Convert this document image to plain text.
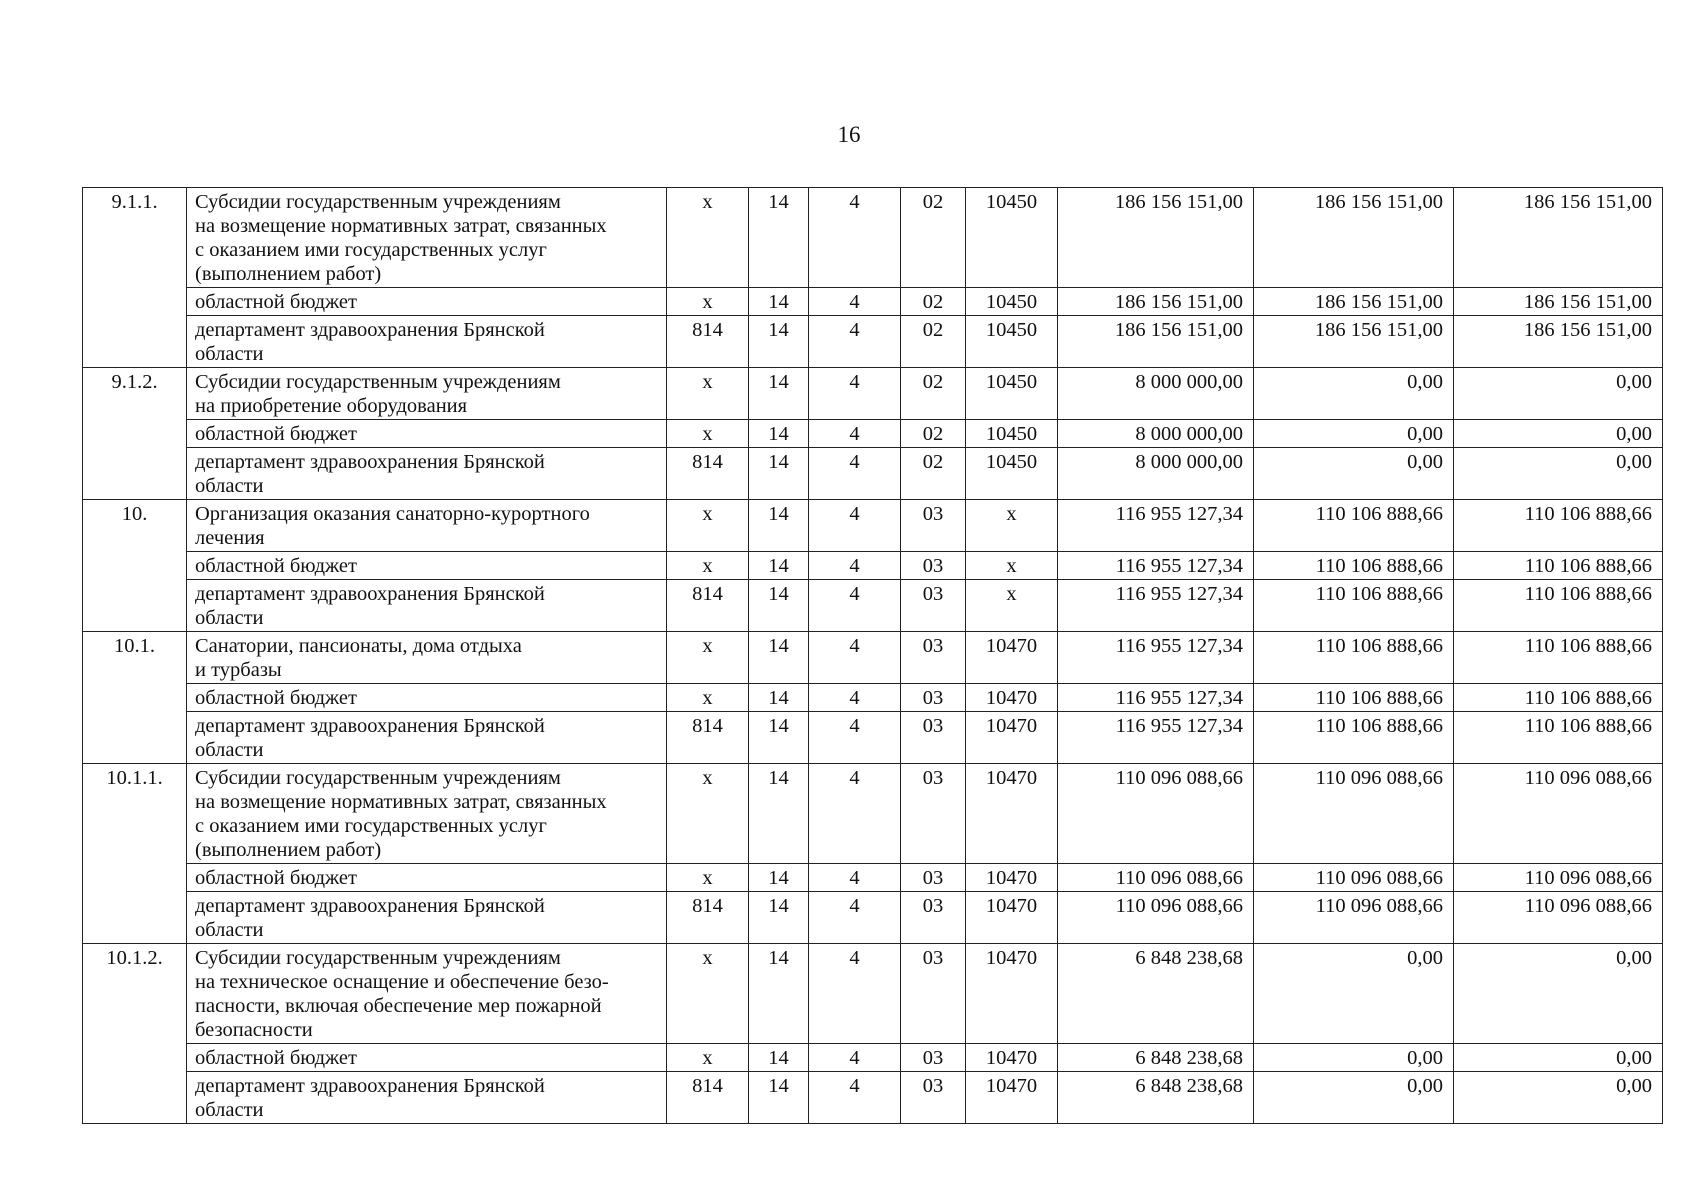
16
9.1.1.	Субсидии государственным учреждениям
на возмещение нормативных затрат, связанных
с оказанием ими государственных услуг
(выполнением работ)	х	14	4	02	10450	186 156 151,00	186 156 151,00	186 156 151,00

	областной бюджет	х	14	4	02	10450	186 156 151,00	186 156 151,00	186 156 151,00

	департамент здравоохранения Брянской
области	814	14	4	02	10450	186 156 151,00	186 156 151,00	186 156 151,00
9.1.2.	Субсидии государственным учреждениям
на приобретение оборудования	х	14	4	02	10450	8 000 000,00	0,00	0,00

	областной бюджет	х	14	4	02	10450	8 000 000,00	0,00	0,00

	департамент здравоохранения Брянской
области	814	14	4	02	10450	8 000 000,00	0,00	0,00
10.	Организация оказания санаторно-курортного
лечения	х	14	4	03	х	116 955 127,34	110 106 888,66	110 106 888,66

	областной бюджет	х	14	4	03	х	116 955 127,34	110 106 888,66	110 106 888,66

	департамент здравоохранения Брянской
области	814	14	4	03	х	116 955 127,34	110 106 888,66	110 106 888,66
10.1.	Санатории, пансионаты, дома отдыха
и турбазы	х	14	4	03	10470	116 955 127,34	110 106 888,66	110 106 888,66

	областной бюджет	х	14	4	03	10470	116 955 127,34	110 106 888,66	110 106 888,66

	департамент здравоохранения Брянской
области	814	14	4	03	10470	116 955 127,34	110 106 888,66	110 106 888,66
10.1.1.	Субсидии государственным учреждениям
на возмещение нормативных затрат, связанных
с оказанием ими государственных услуг
(выполнением работ)	х	14	4	03	10470	110 096 088,66	110 096 088,66	110 096 088,66

	областной бюджет	х	14	4	03	10470	110 096 088,66	110 096 088,66	110 096 088,66

	департамент здравоохранения Брянской
области	814	14	4	03	10470	110 096 088,66	110 096 088,66	110 096 088,66
10.1.2.	Субсидии государственным учреждениям
на техническое оснащение и обеспечение безо-
пасности, включая обеспечение мер пожарной
безопасности	х	14	4	03	10470	6 848 238,68	0,00	0,00

	областной бюджет	х	14	4	03	10470	6 848 238,68	0,00	0,00

	департамент здравоохранения Брянской
области	814	14	4	03	10470	6 848 238,68	0,00	0,00
